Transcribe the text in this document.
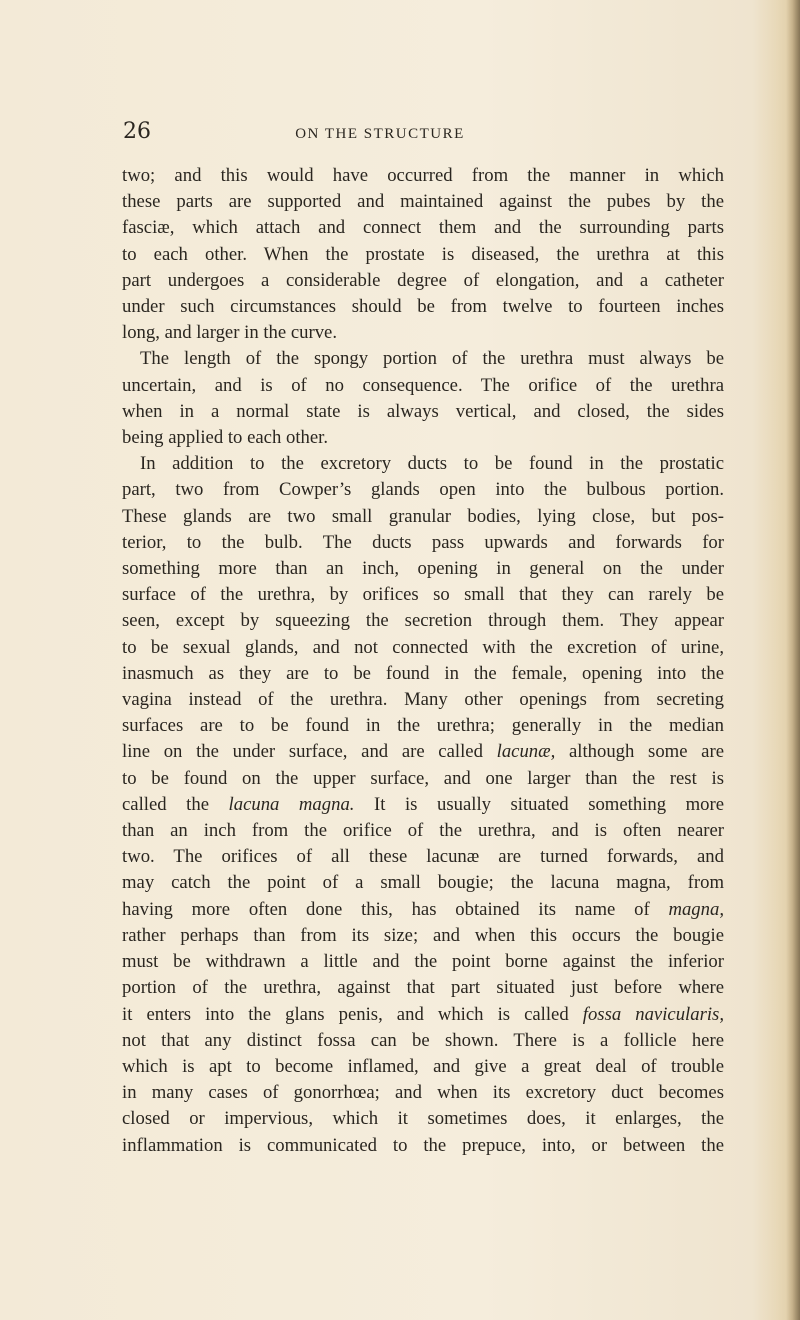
26	ON THE STRUCTURE
two; and this would have occurred from the manner in which
these parts are supported and maintained against the pubes by the
fasciæ, which attach and connect them and the surrounding parts
to each other. When the prostate is diseased, the urethra at this
part undergoes a considerable degree of elongation, and a catheter
under such circumstances should be from twelve to fourteen inches
long, and larger in the curve.
The length of the spongy portion of the urethra must always be
uncertain, and is of no consequence. The orifice of the urethra
when in a normal state is always vertical, and closed, the sides
being applied to each other.
In addition to the excretory ducts to be found in the prostatic
part, two from Cowper’s glands open into the bulbous portion.
These glands are two small granular bodies, lying close, but pos-
terior, to the bulb. The ducts pass upwards and forwards for
something more than an inch, opening in general on the under
surface of the urethra, by orifices so small that they can rarely be
seen, except by squeezing the secretion through them. They appear
to be sexual glands, and not connected with the excretion of urine,
inasmuch as they are to be found in the female, opening into the
vagina instead of the urethra. Many other openings from secreting
surfaces are to be found in the urethra; generally in the median
line on the under surface, and are called lacunæ, although some are
to be found on the upper surface, and one larger than the rest is
called the lacuna magna. It is usually situated something more
than an inch from the orifice of the urethra, and is often nearer
two. The orifices of all these lacunæ are turned forwards, and
may catch the point of a small bougie; the lacuna magna, from
having more often done this, has obtained its name of magna,
rather perhaps than from its size; and when this occurs the bougie
must be withdrawn a little and the point borne against the inferior
portion of the urethra, against that part situated just before where
it enters into the glans penis, and which is called fossa navicularis,
not that any distinct fossa can be shown. There is a follicle here
which is apt to become inflamed, and give a great deal of trouble
in many cases of gonorrhœa; and when its excretory duct becomes
closed or impervious, which it sometimes does, it enlarges, the
inflammation is communicated to the prepuce, into, or between the
